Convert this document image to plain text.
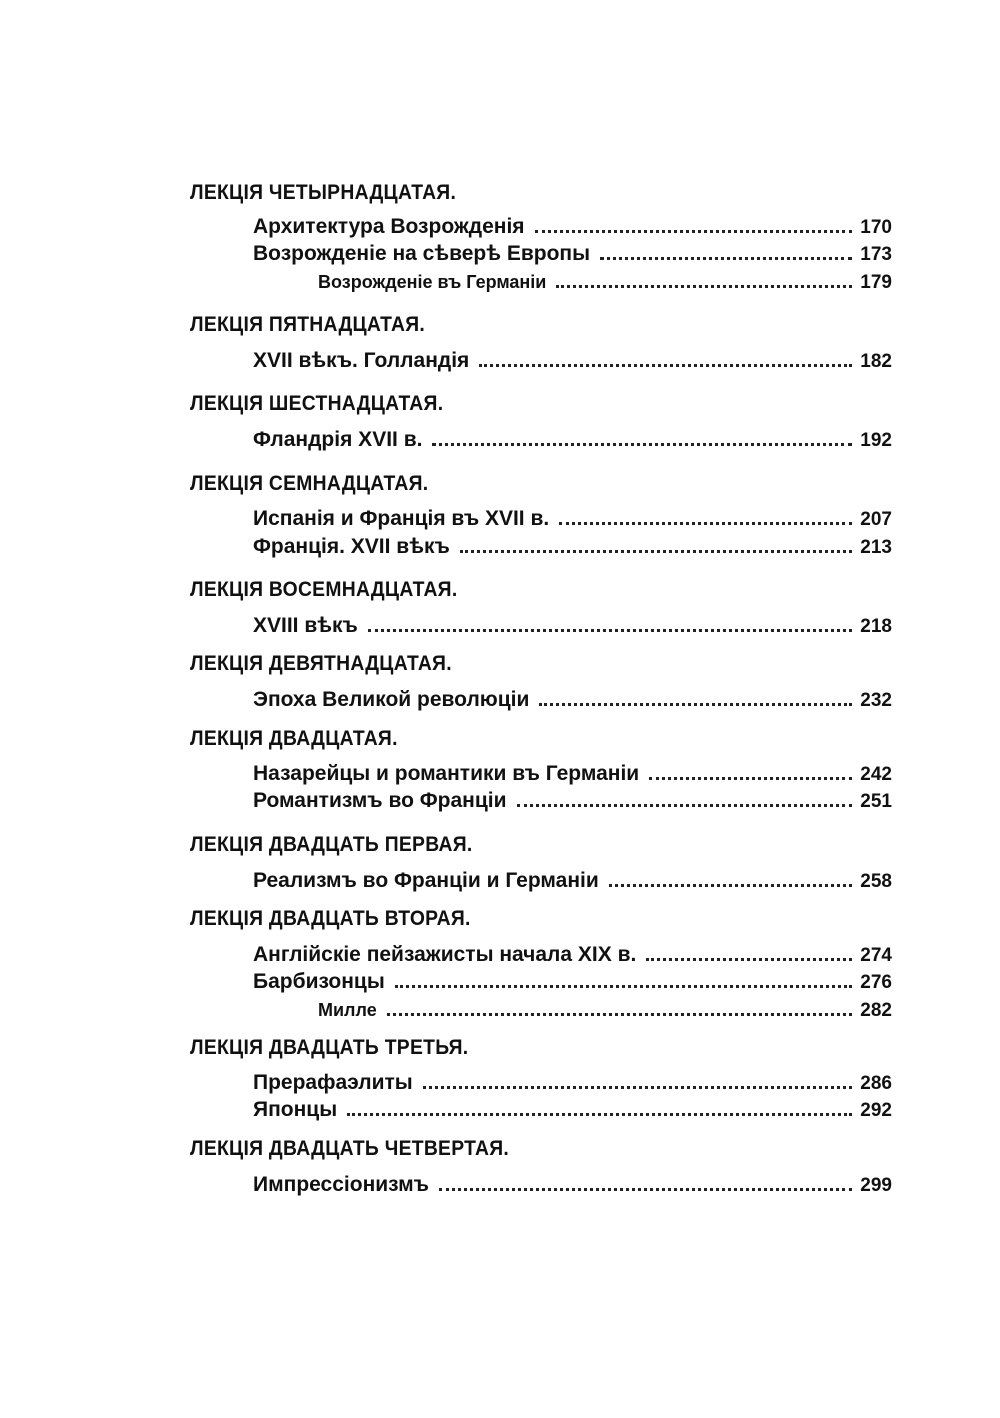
ЛЕКЦІЯ ЧЕТЫРНАДЦАТАЯ.
Архитектура Возрожденія	170
Возрожденіе на сѣверѣ Европы	173
Возрожденіе въ Германіи	179
ЛЕКЦІЯ ПЯТНАДЦАТАЯ.
XVII вѣкъ. Голландія	182
ЛЕКЦІЯ ШЕСТНАДЦАТАЯ.
Фландрія XVII в.	192
ЛЕКЦІЯ СЕМНАДЦАТАЯ.
Испанія и Франція въ XVII в.	207
Франція. XVII вѣкъ	213
ЛЕКЦІЯ ВОСЕМНАДЦАТАЯ.
XVIII вѣкъ	218
ЛЕКЦІЯ ДЕВЯТНАДЦАТАЯ.
Эпоха Великой революціи	232
ЛЕКЦІЯ ДВАДЦАТАЯ.
Назарейцы и романтики въ Германіи	242
Романтизмъ во Франціи	251
ЛЕКЦІЯ ДВАДЦАТЬ ПЕРВАЯ.
Реализмъ во Франціи и Германіи	258
ЛЕКЦІЯ ДВАДЦАТЬ ВТОРАЯ.
Англійскіе пейзажисты начала XIX в.	274
Барбизонцы	276
Милле	282
ЛЕКЦІЯ ДВАДЦАТЬ ТРЕТЬЯ.
Прерафаэлиты	286
Японцы	292
ЛЕКЦІЯ ДВАДЦАТЬ ЧЕТВЕРТАЯ.
Импрессіонизмъ	299
